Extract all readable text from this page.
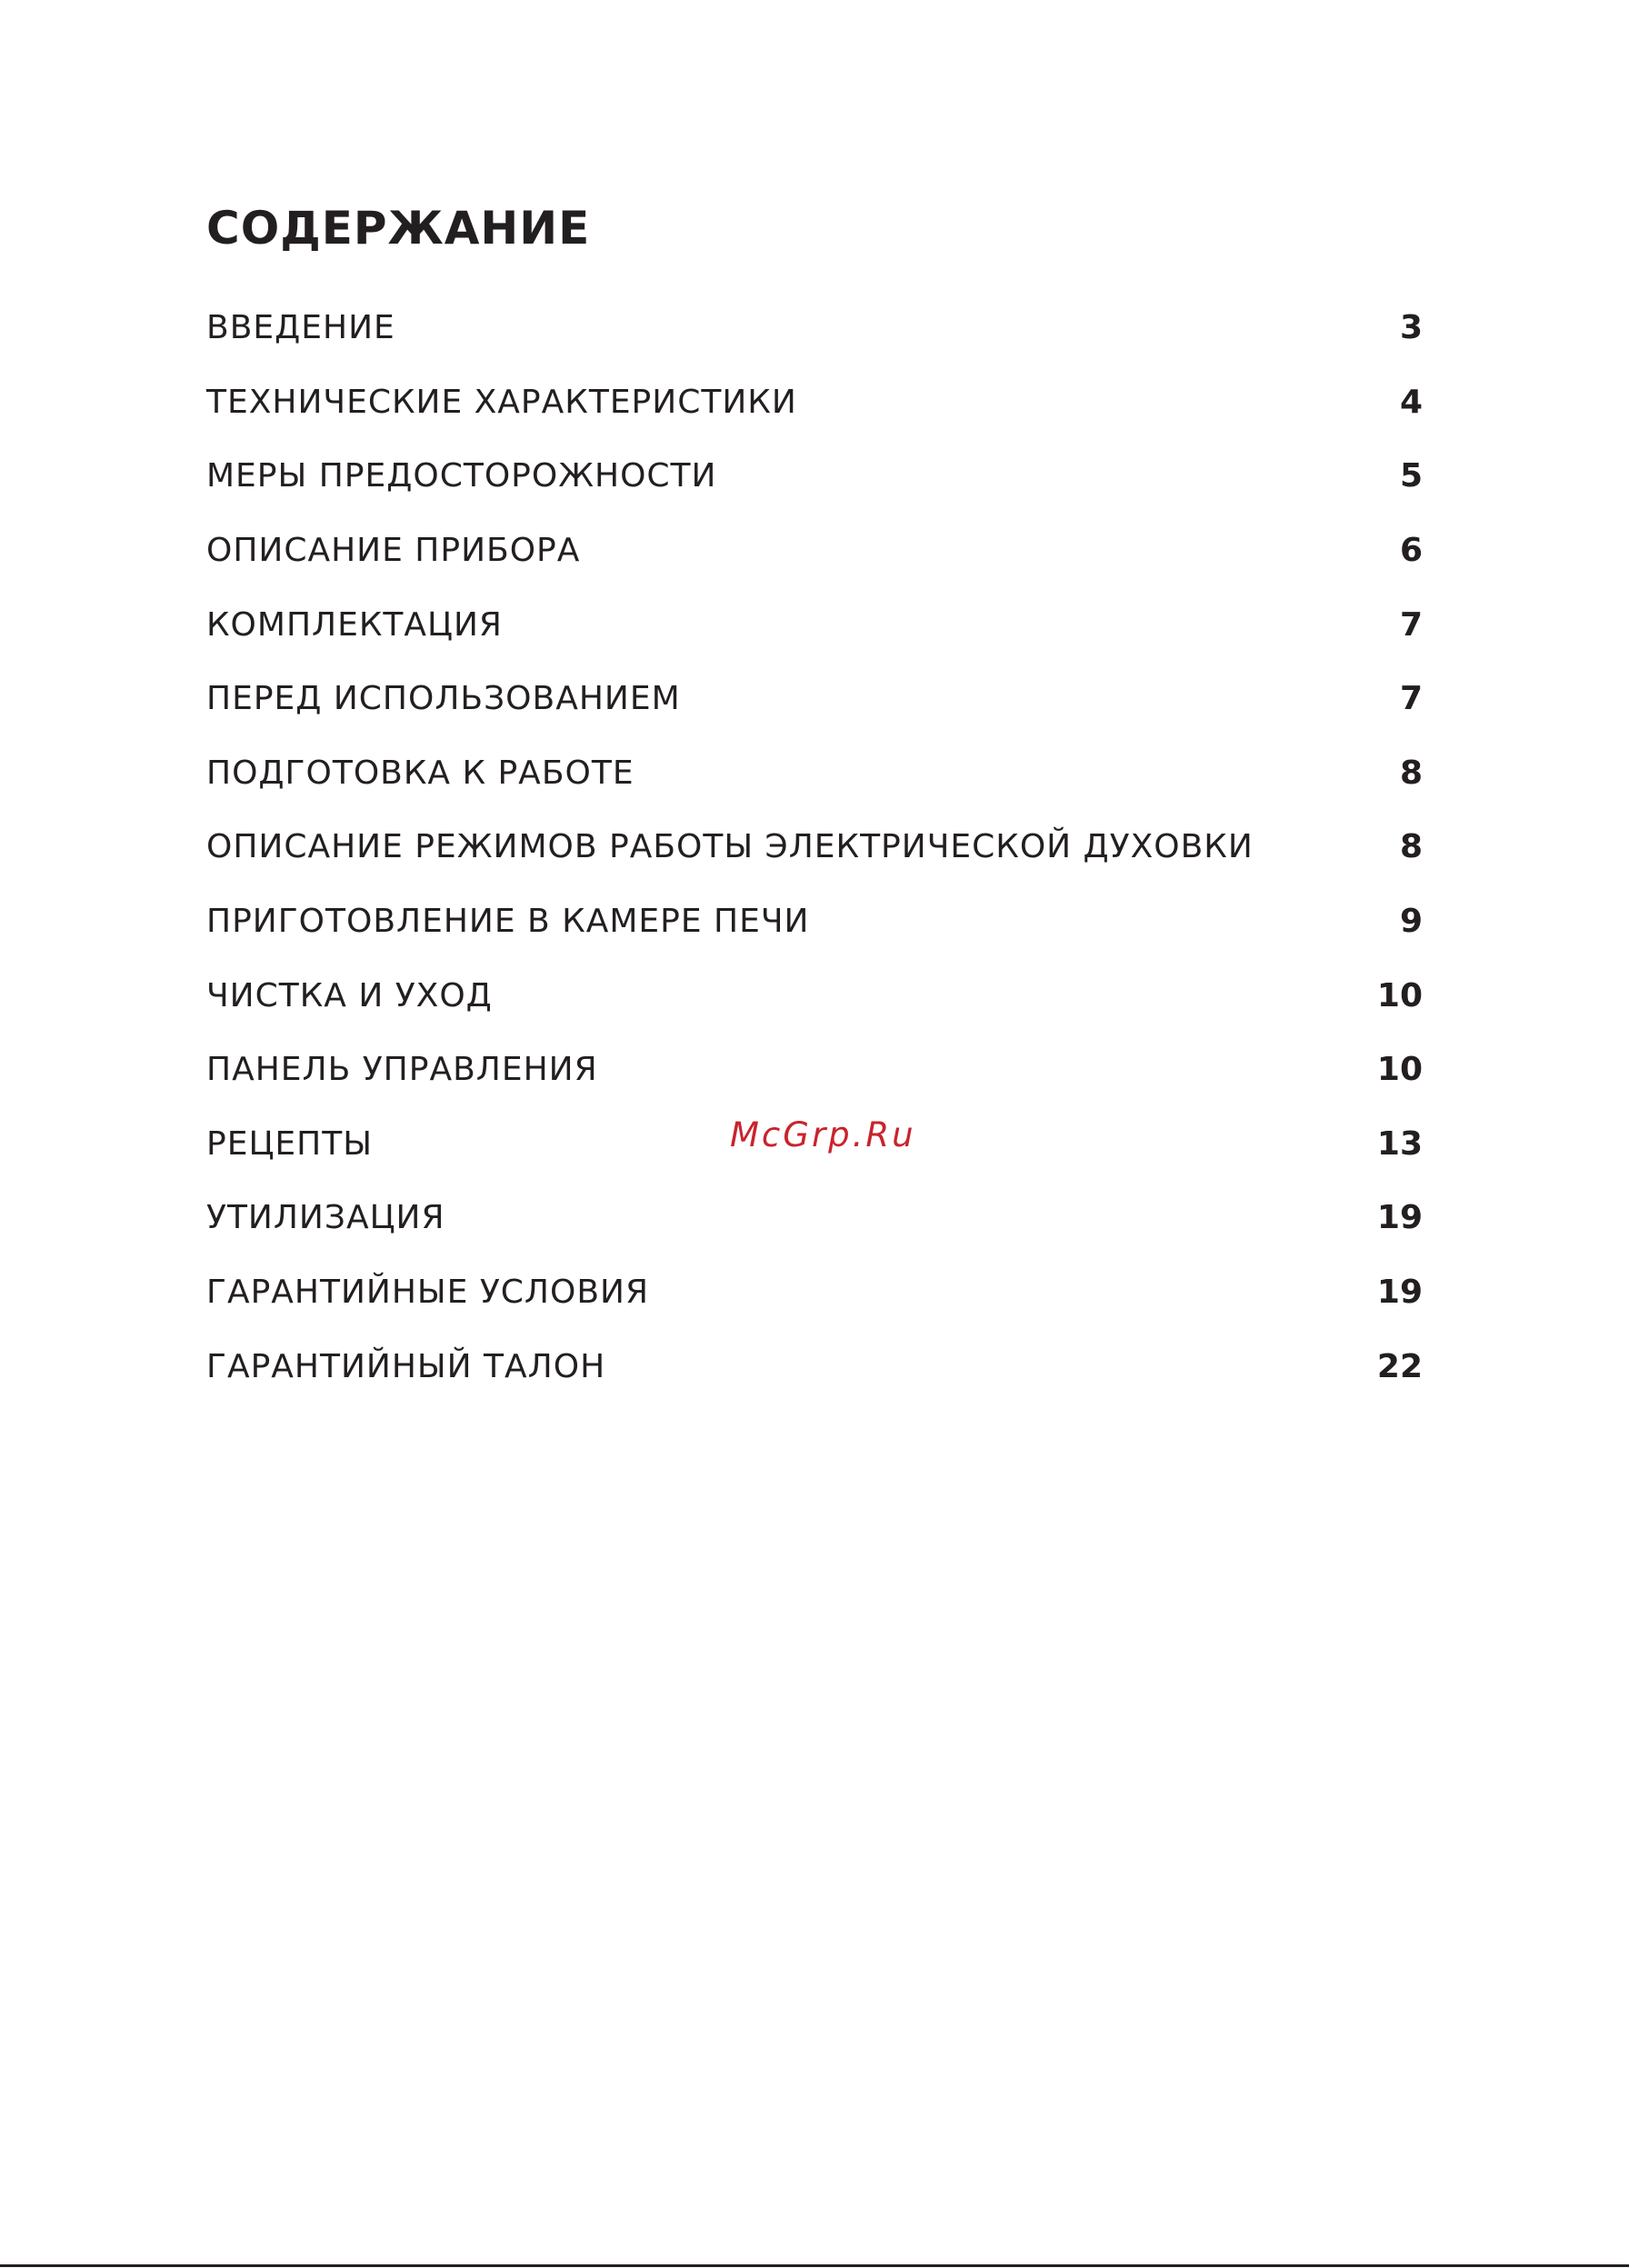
СОДЕРЖАНИЕ
ВВЕДЕНИЕ	3
ТЕХНИЧЕСКИЕ ХАРАКТЕРИСТИКИ	4
МЕРЫ ПРЕДОСТОРОЖНОСТИ	5
ОПИСАНИЕ ПРИБОРА	6
КОМПЛЕКТАЦИЯ	7
ПЕРЕД ИСПОЛЬЗОВАНИЕМ	7
ПОДГОТОВКА К РАБОТЕ	8
ОПИСАНИЕ РЕЖИМОВ РАБОТЫ ЭЛЕКТРИЧЕСКОЙ ДУХОВКИ	8
ПРИГОТОВЛЕНИЕ В КАМЕРЕ ПЕЧИ	9
ЧИСТКА И УХОД	10
ПАНЕЛЬ УПРАВЛЕНИЯ	10
РЕЦЕПТЫ	13
УТИЛИЗАЦИЯ	19
ГАРАНТИЙНЫЕ УСЛОВИЯ	19
ГАРАНТИЙНЫЙ ТАЛОН	22
McGrp.Ru
